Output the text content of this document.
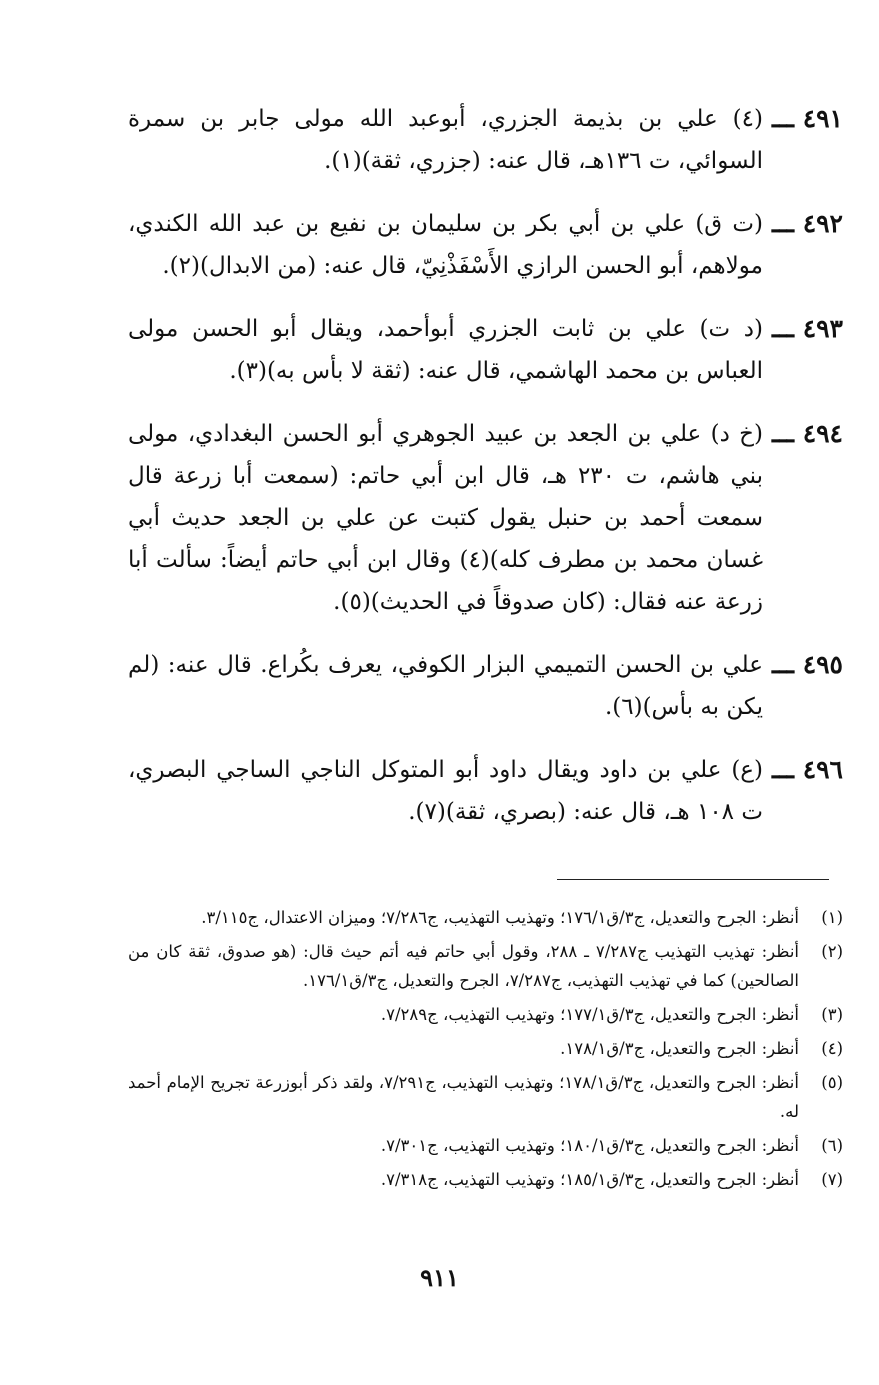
٤٩١ ـــ
(٤) علي بن بذيمة الجزري، أبوعبد الله مولى جابر بن سمرة السوائي، ت ١٣٦هـ، قال عنه: (جزري، ثقة)(١).
٤٩٢ ـــ
(ت ق) علي بن أبي بكر بن سليمان بن نفيع بن عبد الله الكندي، مولاهم، أبو الحسن الرازي الأَسْفَذْنِيّ، قال عنه: (من الابدال)(٢).
٤٩٣ ـــ
(د ت) علي بن ثابت الجزري أبوأحمد، ويقال أبو الحسن مولى العباس بن محمد الهاشمي، قال عنه: (ثقة لا بأس به)(٣).
٤٩٤ ـــ
(خ د) علي بن الجعد بن عبيد الجوهري أبو الحسن البغدادي، مولى بني هاشم، ت ٢٣٠ هـ، قال ابن أبي حاتم: (سمعت أبا زرعة قال سمعت أحمد بن حنبل يقول كتبت عن علي بن الجعد حديث أبي غسان محمد بن مطرف كله)(٤) وقال ابن أبي حاتم أيضاً: سألت أبا زرعة عنه فقال: (كان صدوقاً في الحديث)(٥).
٤٩٥ ـــ
علي بن الحسن التميمي البزار الكوفي، يعرف بكُراع. قال عنه: (لم يكن به بأس)(٦).
٤٩٦ ـــ
(ع) علي بن داود ويقال داود أبو المتوكل الناجي الساجي البصري، ت ١٠٨ هـ، قال عنه: (بصري، ثقة)(٧).
(١)
أنظر: الجرح والتعديل، ج٣/ق١٧٦/١؛ وتهذيب التهذيب، ج٧/٢٨٦؛ وميزان الاعتدال، ج٣/١١٥.
(٢)
أنظر: تهذيب التهذيب ج٧/٢٨٧ ـ ٢٨٨، وقول أبي حاتم فيه أتم حيث قال: (هو صدوق، ثقة كان من الصالحين) كما في تهذيب التهذيب، ج٧/٢٨٧، الجرح والتعديل، ج٣/ق١٧٦/١.
(٣)
أنظر: الجرح والتعديل، ج٣/ق١٧٧/١؛ وتهذيب التهذيب، ج٧/٢٨٩.
(٤)
أنظر: الجرح والتعديل، ج٣/ق١٧٨/١.
(٥)
أنظر: الجرح والتعديل، ج٣/ق١٧٨/١؛ وتهذيب التهذيب، ج٧/٢٩١، ولقد ذكر أبوزرعة تجريح الإمام أحمد له.
(٦)
أنظر: الجرح والتعديل، ج٣/ق١٨٠/١؛ وتهذيب التهذيب، ج٧/٣٠١.
(٧)
أنظر: الجرح والتعديل، ج٣/ق١٨٥/١؛ وتهذيب التهذيب، ج٧/٣١٨.
٩١١
